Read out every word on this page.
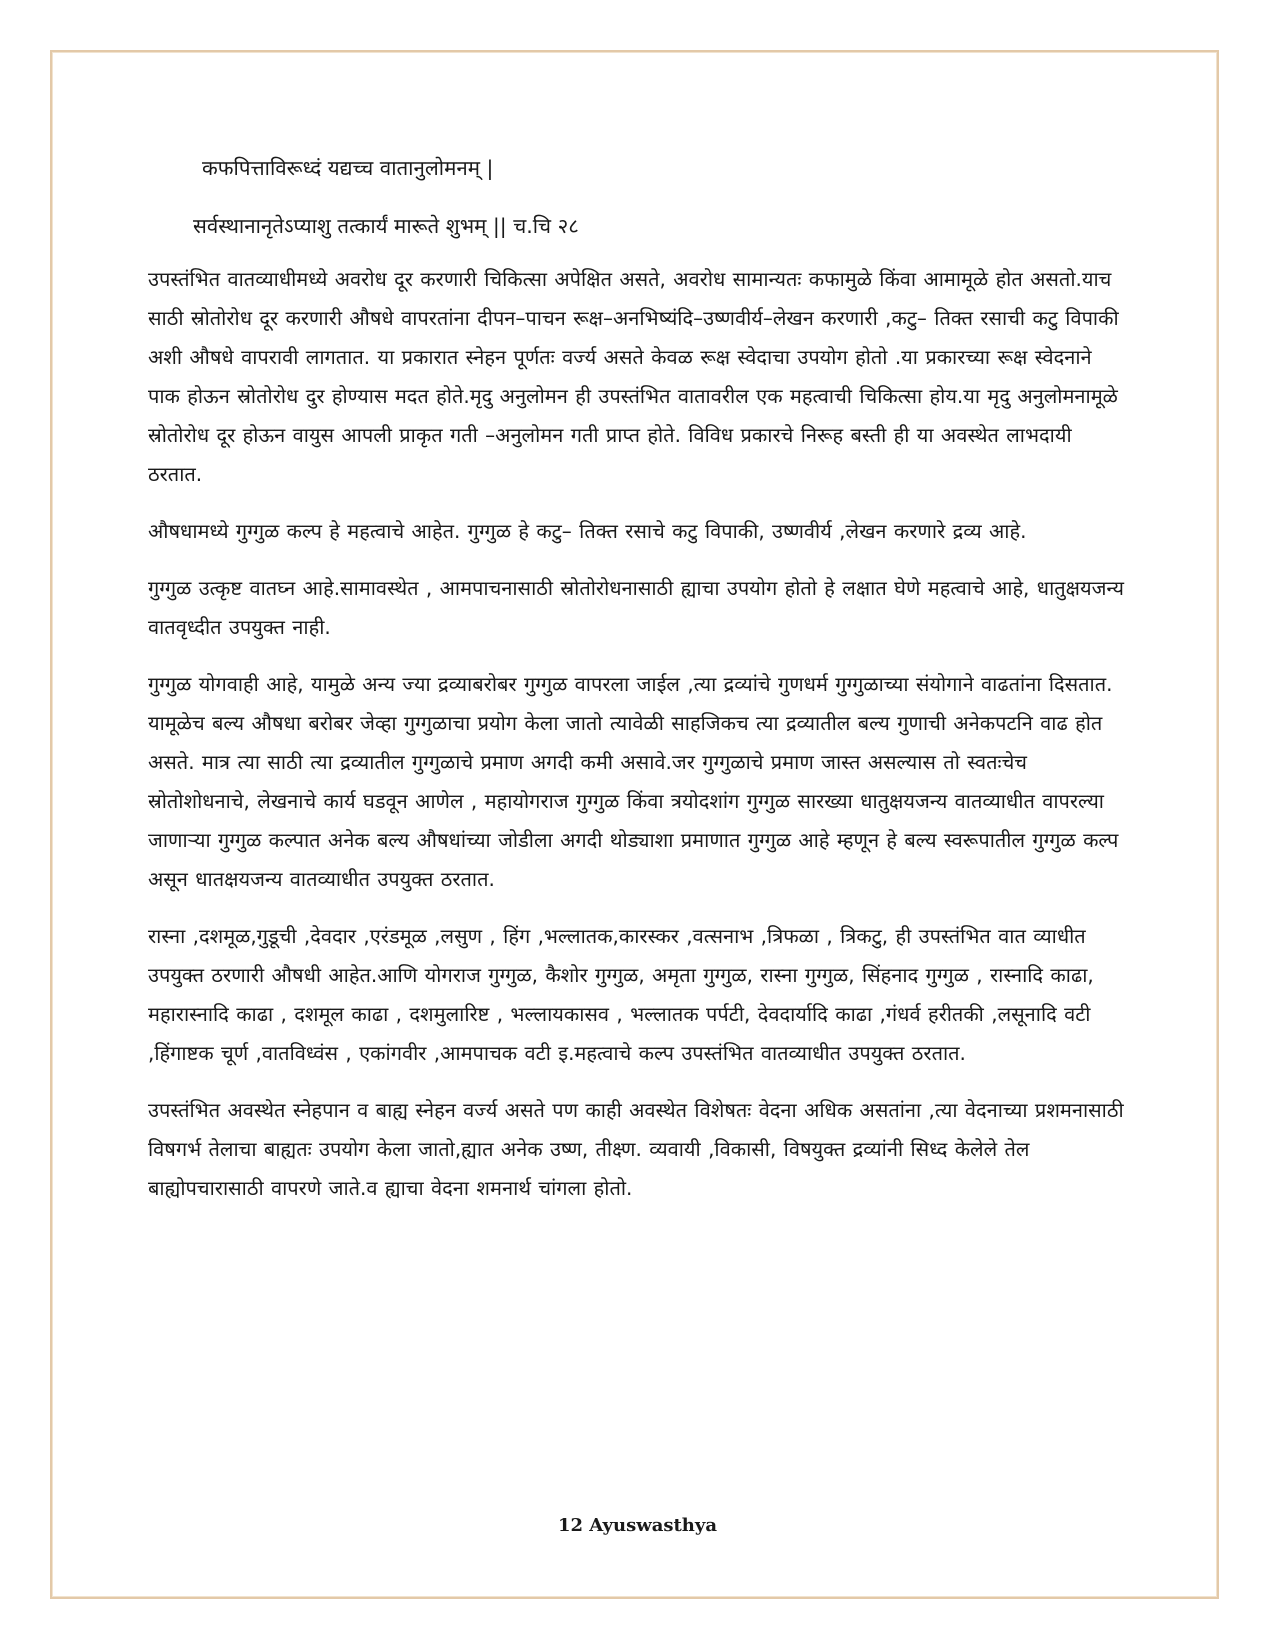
कफपित्ताविरूध्दं यद्यच्च वातानुलोमनम् |
सर्वस्थानानृतेऽप्याशु तत्कार्यं मारूते शुभम् || च.चि २८

उपस्तंभित वातव्याधीमध्ये अवरोध दूर करणारी चिकित्सा अपेक्षित असते, अवरोध सामान्यतः कफामुळे किंवा आमामूळे होत असतो.याच साठी स्रोतोरोध दूर करणारी औषधे वापरतांना दीपन–पाचन रूक्ष–अनभिष्यंदि–उष्णवीर्य–लेखन करणारी ,कटु– तिक्त रसाची कटु विपाकी अशी औषधे वापरावी लागतात. या प्रकारात स्नेहन पूर्णतः वर्ज्य असते केवळ रूक्ष स्वेदाचा उपयोग होतो .या प्रकारच्या रूक्ष स्वेदनाने पाक होऊन स्रोतोरोध दुर होण्यास मदत होते.मृदु अनुलोमन ही उपस्तंभित वातावरील एक महत्वाची चिकित्सा होय.या मृदु अनुलोमनामूळे स्रोतोरोध दूर होऊन वायुस आपली प्राकृत गती –अनुलोमन गती प्राप्त होते. विविध प्रकारचे निरूह बस्ती ही या अवस्थेत लाभदायी ठरतात.

औषधामध्ये गुग्गुळ कल्प हे महत्वाचे आहेत. गुग्गुळ हे कटु– तिक्त रसाचे कटु विपाकी, उष्णवीर्य ,लेखन करणारे द्रव्य आहे.

गुग्गुळ उत्कृष्ट वातघ्न आहे.सामावस्थेत , आमपाचनासाठी स्रोतोरोधनासाठी ह्याचा उपयोग होतो हे लक्षात घेणे महत्वाचे आहे, धातुक्षयजन्य वातवृध्दीत उपयुक्त नाही.

गुग्गुळ योगवाही आहे, यामुळे अन्य ज्या द्रव्याबरोबर गुग्गुळ वापरला जाईल ,त्या द्रव्यांचे गुणधर्म गुग्गुळाच्या संयोगाने वाढतांना दिसतात. यामूळेच बल्य औषधा बरोबर जेव्हा गुग्गुळाचा प्रयोग केला जातो त्यावेळी साहजिकच त्या द्रव्यातील बल्य गुणाची अनेकपटनि वाढ होत असते. मात्र त्या साठी त्या द्रव्यातील गुग्गुळाचे प्रमाण अगदी कमी असावे.जर गुग्गुळाचे प्रमाण जास्त असल्यास तो स्वतःचेच स्रोतोशोधनाचे, लेखनाचे कार्य घडवून आणेल , महायोगराज गुग्गुळ किंवा त्रयोदशांग गुग्गुळ सारख्या धातुक्षयजन्य वातव्याधीत वापरल्या जाणाऱ्या गुग्गुळ कल्पात अनेक बल्य औषधांच्या जोडीला अगदी थोड्याशा प्रमाणात गुग्गुळ आहे म्हणून हे बल्य स्वरूपातील गुग्गुळ कल्प असून धातक्षयजन्य वातव्याधीत उपयुक्त ठरतात.

रास्ना ,दशमूळ,गुडूची ,देवदार ,एरंडमूळ ,लसुण , हिंग ,भल्लातक,कारस्कर ,वत्सनाभ ,त्रिफळा , त्रिकटु, ही उपस्तंभित वात व्याधीत उपयुक्त ठरणारी औषधी आहेत.आणि योगराज गुग्गुळ, कैशोर गुग्गुळ, अमृता गुग्गुळ, रास्ना गुग्गुळ, सिंहनाद गुग्गुळ , रास्नादि काढा, महारास्नादि काढा , दशमूल काढा , दशमुलारिष्ट , भल्लायकासव , भल्लातक पर्पटी, देवदार्यादि काढा ,गंधर्व हरीतकी ,लसूनादि वटी ,हिंगाष्टक चूर्ण ,वातविध्वंस , एकांगवीर ,आमपाचक वटी इ.महत्वाचे कल्प उपस्तंभित वातव्याधीत उपयुक्त ठरतात.

उपस्तंभित अवस्थेत स्नेहपान व बाह्य स्नेहन वर्ज्य असते पण काही अवस्थेत विशेषतः वेदना अधिक असतांना ,त्या वेदनाच्या प्रशमनासाठी विषगर्भ तेलाचा बाह्यतः उपयोग केला जातो,ह्यात अनेक उष्ण, तीक्ष्ण. व्यवायी ,विकासी, विषयुक्त द्रव्यांनी सिध्द केलेले तेल बाह्योपचारासाठी वापरणे जाते.व ह्याचा वेदना शमनार्थ चांगला होतो.

12 Ayuswasthya
